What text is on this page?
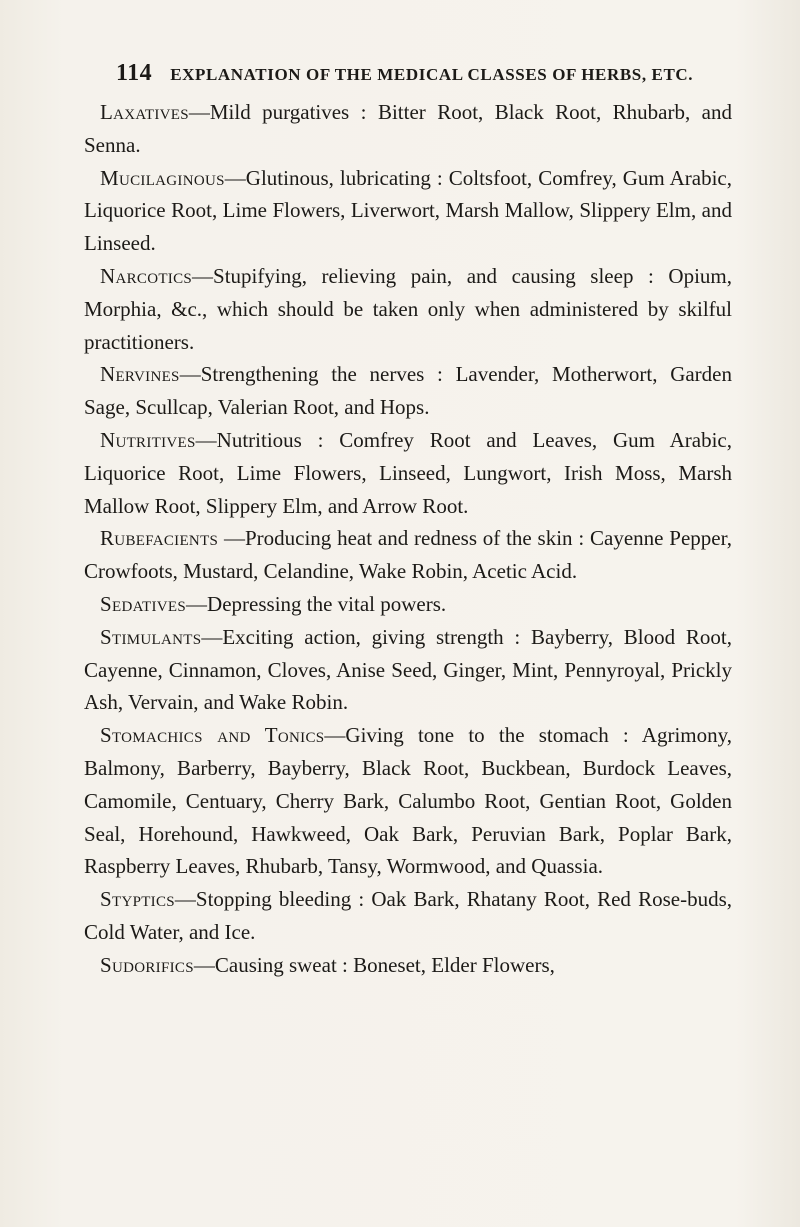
114 EXPLANATION OF THE MEDICAL CLASSES OF HERBS, ETC.

Laxatives—Mild purgatives : Bitter Root, Black Root, Rhubarb, and Senna.

Mucilaginous—Glutinous, lubricating : Coltsfoot, Comfrey, Gum Arabic, Liquorice Root, Lime Flowers, Liverwort, Marsh Mallow, Slippery Elm, and Linseed.

Narcotics—Stupifying, relieving pain, and causing sleep : Opium, Morphia, &c., which should be taken only when administered by skilful practitioners.

Nervines—Strengthening the nerves : Lavender, Motherwort, Garden Sage, Scullcap, Valerian Root, and Hops.

Nutritives—Nutritious : Comfrey Root and Leaves, Gum Arabic, Liquorice Root, Lime Flowers, Linseed, Lungwort, Irish Moss, Marsh Mallow Root, Slippery Elm, and Arrow Root.

Rubefacients —Producing heat and redness of the skin : Cayenne Pepper, Crowfoots, Mustard, Celandine, Wake Robin, Acetic Acid.

Sedatives—Depressing the vital powers.

Stimulants—Exciting action, giving strength : Bayberry, Blood Root, Cayenne, Cinnamon, Cloves, Anise Seed, Ginger, Mint, Pennyroyal, Prickly Ash, Vervain, and Wake Robin.

Stomachics and Tonics—Giving tone to the stomach : Agrimony, Balmony, Barberry, Bayberry, Black Root, Buckbean, Burdock Leaves, Camomile, Centuary, Cherry Bark, Calumbo Root, Gentian Root, Golden Seal, Horehound, Hawkweed, Oak Bark, Peruvian Bark, Poplar Bark, Raspberry Leaves, Rhubarb, Tansy, Wormwood, and Quassia.

Styptics—Stopping bleeding : Oak Bark, Rhatany Root, Red Rose-buds, Cold Water, and Ice.

Sudorifics—Causing sweat : Boneset, Elder Flowers,
